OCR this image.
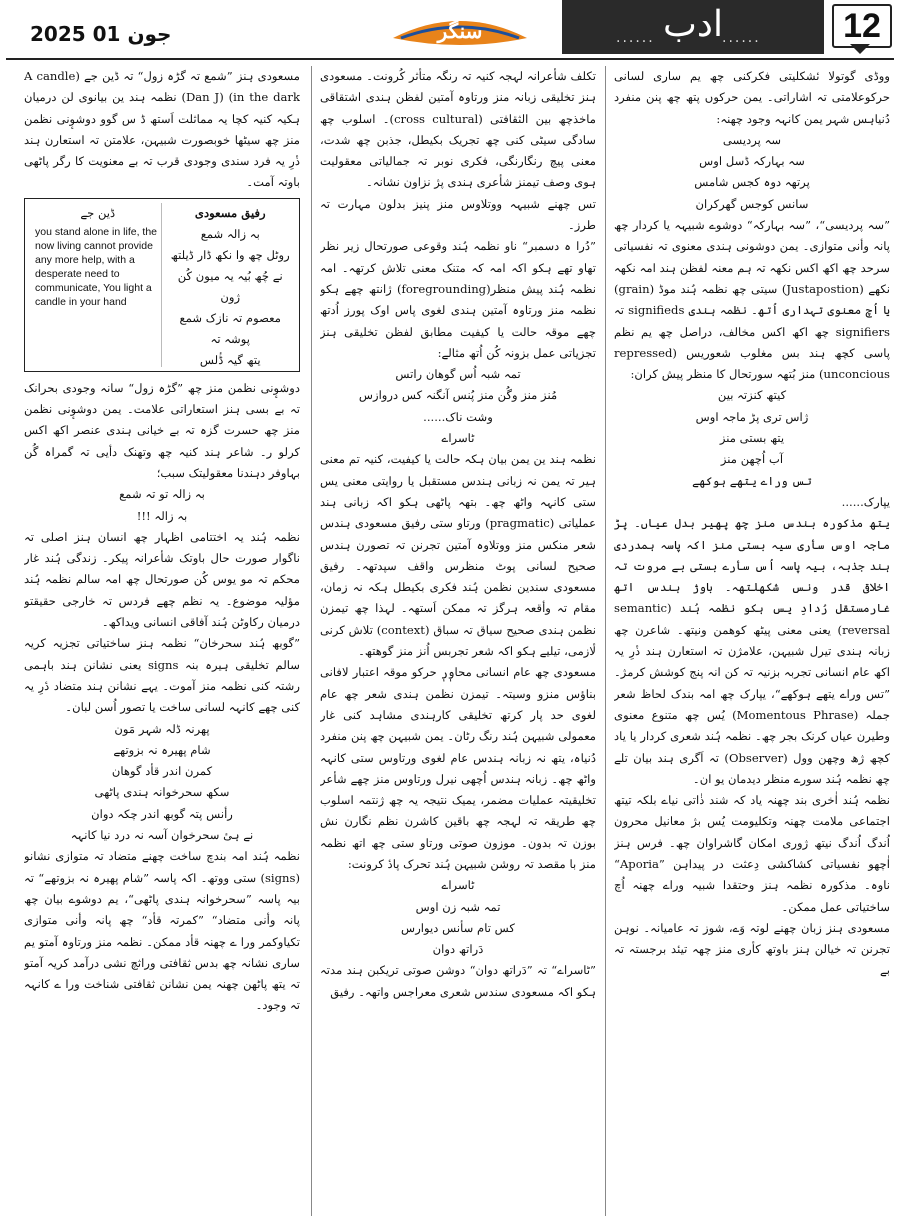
2025 جون 01	سنگر	...... ادب ......	12

ووڈی گوتولا ئشکلیتی فکرکنی چھ یم ساری لسانی حرکوعلامتی تہ اشاراتی۔ یمن حرکوں پتھ چھ پنن منفرد دُنیاہس شہر یمن کانہہ وجود چھنہ:

سہ پردیسی

سہ بہارکہ ڈسل اوس

پرتھہ دوہ کجس شامس

سانس کوجس گھرکران

”سہ پردیسی“، ”سہ بہارکہ“ دوشوے شبیہہ یا کردار چھ پانہ وأنی متوازی۔ یمن دوشونی ہندی معنوی تہ نفسیاتی سرحد چھ اکھ اکس نکھہ تہ ہم معنہ لفظن ہند امہ نکھہ نکھے (Justapostion) سیتی چھ نظمہ ہُند موڈ (grain) یا اُچ معنوی تہداری اُتھ۔ نظمہ ہندی signifieds تہ signifiers چھ اکھ اکس مخالف، دراصل چھ یم نظم پاسی کچھ ہند بس مغلوب شعوریس (repressed unconcious) منز بُتھہ سورتحال کا منظر پیش کران:

کیتھ کنزتہ بین

ژاس تری پڑ ماجہ اوس

یتھ بستی منز

آب اُچھن منز

تس وراے یتھے ہوکھے

یپارک......

یتھ مذکورہ بندس منز چھ پھیر بدل عیاں۔ پڑ ماجہ اوس سأری سیہ بستی منز اکہ پاسہ ہمدردی ہند جذبہ، بیہ پاسہ اُس سأرے بستی بے مروت تہ اخلاقی قدر ونس شکھلتھہ۔ باوژ ہندس اتھ غارمستقل رُدادِ یس ہکو نظمہ ہُند (semantic reversal) یعنی معنی پیٹھ کوھمن ونیتھ۔ شاعرن چھ زبانہ ہندی تیرل شبیہن، علامژن تہ استعارن ہند ذٔرِ یہ اکھ عام انسانی تجربہ بزنیہ تہ کن انہ پنج کوشش کرمژ۔ ”تس وراے یتھے ہوکھے“، یپارک چھ امہ بندک لحاظ شعر جملہ (Momentous Phrase) یُس چھ متنوع معنوی وطیرن عیاں کرنک بجر چھ۔ نظمہ ہُند شعری کردار یا یاد کچھ ژھ وچھن وول (Observer) تہ اَگری ہند بیان تلے چھ نظمہ ہُند سورے منظر دیدمان یو ان۔

نظمہ ہُند اٰخری بند چھنہ یاد کہ شند ذٰاتی نیاے بلکہ تیتھ اجتماعی ملامت چھنہ وتکلیومت یُس بژ معانیل محرون اُندگ اُندگ نیتھ ژوری امکان گاشراوان چھ۔ فرس ہنز اٰچھو نفسیاتی کشاکشی دِعثت در پیداہن ”Aporia“ ناوہ۔ مذکورہ نظمہ ہنز وحتقدا شبیہ وراے چھنہ اُچ ساختیاتی عمل ممکن۔

مسعودی ہنز زبان چھنے لوتہ وَے، شوز تہ عامیانہ۔ نوہن تجرنن تہ خیالن ہنز باوتھ کأری منز چھہ تیئد برجستہ تہ بے

تکلف شأعرانہ لہجہ کنیہ تہ رنگہ متأثر کُرونت۔ مسعودی ہنز تخلیقی زبانہ منز ورتاوہ آمتین لفظن ہندی اشتقاقی ماخذچھ بین الثقافتی (cross cultural)۔ اسلوب چھ سادگی سیٹی کنی چھ تجریک بکیطل، جذبن چھ شدت، معنی پیچ رنگارنگی، فکری نوبر تہ جمالیاتی معقولیت ہوی وصف تیمنز شأعری ہندی پژ نزاون نشانہ۔

تس چھنے شبیہہ ووتلاوس منز پنیز بدلون مہارت تہ طرز۔

”دُرا ہ دسمبر“ ناو نظمہ ہُند وقوعی صورتحال زیر نظر تھاو تھے ہکو اکہ امہ کہ متنک معنی تلاش کرتھہ۔ امہ نظمہ ہُند پیش منظر(foregrounding) ژانتھ چھے ہکو نظمہ منز ورتاوہ آمتین ہندی لغوی پاس اوک پورز اُدتھ چھے موقہ حالت یا کیفیت مطابق لفظن تخلیقی ہنز تجزیاتی عمل بزونہ کُن اُتھ مثالے:

تمہ شبہ اُس گوھان راتس

مُنز منز وگُن منز پُنس آنگنہ کس دروازس

وشت ناک......

ٹاسراے

نظمہ ہند ین یمن بیان ہکہ حالت یا کیفیت، کنیہ تم معنی ہیر تہ یمن نہ زبانی ہندس مستقبل یا روایتی معنی یس ستی کانہہ واٹھ چھ۔ بتھہ پاٹھی ہکو اکہ زبانی ہند عملیاتی (pragmatic) ورتاو ستی رفیق مسعودی ہندس شعر منکس منز ووتلاوہ آمتین تجرنن تہ تصورن ہندس صحیح لسانی پوٹ منظرس واقف سپدتھہ۔ رفیق مسعودی سندین نظمن ہُند فکری بکیطل ہکہ نہ زمان، مقام تہ وأقعہ ہرگز تہ ممکن اَستھہ۔ لہذا چھ تیمزن نظمن ہندی صحیح سیاق تہ سباق (context) تلاش کرنی لٔازمی، تیلیے ہکو اکہ شعر تجربس اُنز منز گوھتھ۔

مسعودی چھ عام انسانی محاوٖرٖ حرکو موقہ اعتبار لافانی بناؤس منزو وسیتہ۔ تیمزن نظمن ہندی شعر چھ عام لغوی حد پار کرتھ تخلیقی کارہندی مشاہد کنی غار معمولی شبیہن ہُند رنگ رٹان۔ یمن شبیہن چھ پنن منفرد دُنیاہ، یتھ نہ زبانہ ہندس عام لغوی ورتاوس ستی کانہہ واٹھ چھ۔ زبانہ ہندس اُچھی نیرل ورتاوس منز چھے شأعر تخلیقیتہ عملیات مضمر، یمیک نتیجہ یہ چھ ژنتمہ اسلوب چھ طریقہ تہ لہجہ چھ باقین کاشرن نظم نگارن نش بوزن تہ بدون۔ موزون صوتی ورتاو ستی چھ اتھ نظمہ منز با مقصد تہ روشن شبیہن ہُند تحرک پادٔ کرونت:

ٹاسراے

تمہ شبہ زن اوس

کس تام سأنس دیوارس

دَراتھ دوان

”ٹاسراے“ تہ ”دَراتھ دوان“ دوشن صوتی تریکبن ہند مدتہ ہکو اکہ مسعودی سندس شعری معراجس واتھہ۔ رفیق

مسعودی ہنز ”شمع تہ گڑہ زول“ تہ ڈین جے (A candle in the dark) (Dan J) نظمہ ہند ین بیانوی لن درمیان ہکیہ کنیہ کچا یہ مماثلت اَستھ ڈ س گوو دوشوٕنی نظمن منز چھ سیٹھا خوبصورت شبیہن، علامتن تہ استعارن ہند ذٔرِ یہ فرد سندی وجودی قرب تہ بے معنویت کا رگر پاٹھی باوتہ آمت۔

رفیق مسعودی
بہ زالہ شمع
روٹل چھ وا نکھ ڈار ڈیلتھ
نے چُھ بُیہ یہ میون کُن ژون
معصوم تہ نازک شمع پوشہ تہ
یتھ گیہ ڈٔلس
ڈین جے
you stand alone in life, the now living cannot provide any more help, with a desperate need to communicate, You light a candle in your hand

دوشوٕنی نظمن منز چھ ”گڑہ زول“ سانہ وجودی بحرانک تہ بے بسی ہنز استعاراتی علامت۔ یمن دوشوٕنی نظمن منز چھ حسرت گزہ تہ بے خیانی ہندی عنصر اکھ اکس کرلو ر۔ شاعر ہند کنیہ چھ وتھنک دأیی تہ گمراہ گُن بہاوفر دہندنا معقولیتک سبب؛

بہ زالہ تو تہ شمع

بہ زالہ !!!

نظمہ ہُند یہ اختتامی اظہار چھ انسان ہنز اصلی تہ ناگوار صورت حال باوتک شأعرانہ پیکر۔ زندگی ہُند غار محکم تہ مو یوس کُن صورتحال چھ امہ سالم نظمہ ہُند مؤلیہ موضوع۔ یہ نظم چھے فردس تہ خارجی حقیقتو درمیان رکاوٹن ہُند آفاقی انسانی ویداکھ۔

”گوبھ ہُند سحرخان“ نظمہ ہنز ساختیاتی تجزیہ کریہ سالم تخلیقی ہیرہ بنہ signs یعنی نشانن ہند باہمی رشتہ کنی نظمہ منز آموت۔ یہے نشانن ہند متضاد دٔرِ یہ کنی چھے کانہہ لسانی ساخت یا تصور اُسن لبان۔

پھرنہ ڈلہ شہر مَون

شام پھیرہ نہ بزوتھے

کمرن اندر قأد گوھان

سکھ سحرخوانہ ہندی پاٹھی

رأنس پتہ گوبھ اندر چکہ دوان

نے ہیٔ سحرخوان آسہ نہ درد نیا کانہہ

نظمہ ہُند امہ بندچ ساخت چھنے متضاد تہ متوازی نشانو (signs) ستی ووتھ۔ اکہ پاسہ ”شام پھیرہ نہ بزوتھے“ تہ بیہ پاسہ ”سحرخوانہ ہندی پاٹھی“، یم دوشوے بیان چھ پانہ وأنی متضاد“ ”کمرتہ قأد“ چھ پانہ وأنی متوازی تکیاوکمر ورا ے چھنہ قأد ممکن۔ نظمہ منز ورتاوہ آمتو یم ساری نشانہ چھ بدس ثقافتی وراثچ نشی درآمد کریہ آمتو تہ یتھ پاٹھن چھنہ یمن نشانن ثقافتی شناخت ورا ے کانہہ تہ وجود۔
